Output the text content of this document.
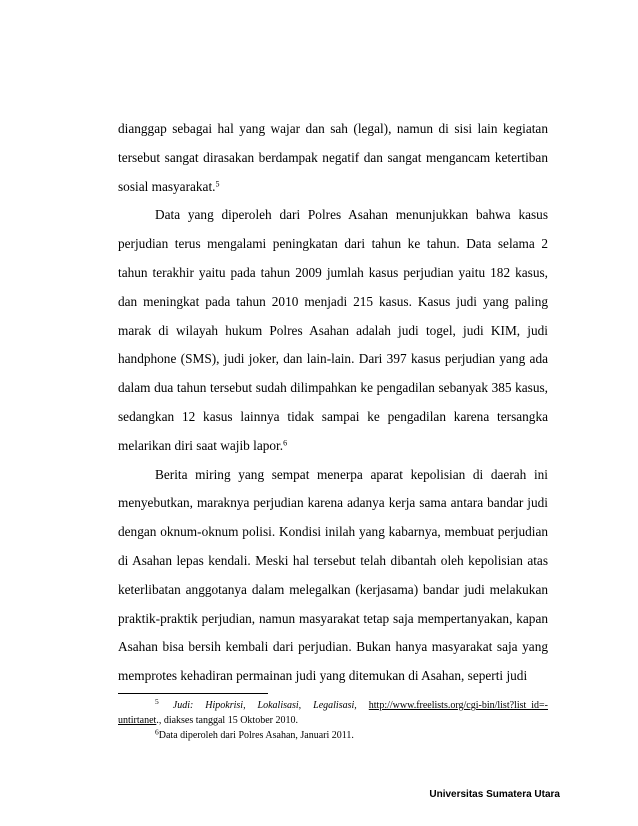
dianggap sebagai hal yang wajar dan sah (legal), namun di sisi lain kegiatan tersebut sangat dirasakan berdampak negatif dan sangat mengancam ketertiban sosial masyarakat.$^5$

Data yang diperoleh dari Polres Asahan menunjukkan bahwa kasus perjudian terus mengalami peningkatan dari tahun ke tahun. Data selama 2 tahun terakhir yaitu pada tahun 2009 jumlah kasus perjudian yaitu 182 kasus, dan meningkat pada tahun 2010 menjadi 215 kasus. Kasus judi yang paling marak di wilayah hukum Polres Asahan adalah judi togel, judi KIM, judi handphone (SMS), judi joker, dan lain-lain. Dari 397 kasus perjudian yang ada dalam dua tahun tersebut sudah dilimpahkan ke pengadilan sebanyak 385 kasus, sedangkan 12 kasus lainnya tidak sampai ke pengadilan karena tersangka melarikan diri saat wajib lapor.$^6$

Berita miring yang sempat menerpa aparat kepolisian di daerah ini menyebutkan, maraknya perjudian karena adanya kerja sama antara bandar judi dengan oknum-oknum polisi. Kondisi inilah yang kabarnya, membuat perjudian di Asahan lepas kendali. Meski hal tersebut telah dibantah oleh kepolisian atas keterlibatan anggotanya dalam melegalkan (kerjasama) bandar judi melakukan praktik-praktik perjudian, namun masyarakat tetap saja mempertanyakan, kapan Asahan bisa bersih kembali dari perjudian. Bukan hanya masyarakat saja yang memprotes kehadiran permainan judi yang ditemukan di Asahan, seperti judi

$^5$ Judi: Hipokrisi, Lokalisasi, Legalisasi, http://www.freelists.org/cgi-bin/list?list_id=-untirtanet., diakses tanggal 15 Oktober 2010.

$^6$Data diperoleh dari Polres Asahan, Januari 2011.

Universitas Sumatera Utara
